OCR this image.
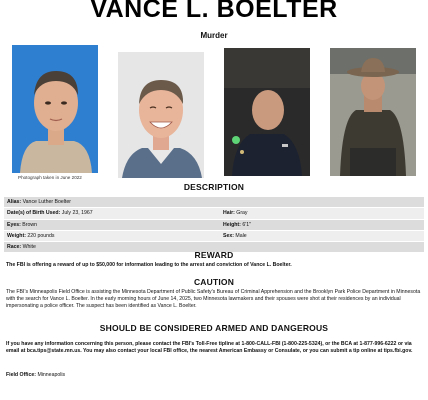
VANCE L. BOELTER
Murder
Photograph taken in June 2022
DESCRIPTION
Alias: Vance Luther Boelter	
Date(s) of Birth Used: July 23, 1967	Hair: Gray
Eyes: Brown	Height: 6'1"
Weight: 220 pounds	Sex: Male
Race: White	
REWARD
The FBI is offering a reward of up to $50,000 for information leading to the arrest and conviction of Vance L. Boelter.
CAUTION
The FBI's Minneapolis Field Office is assisting the Minnesota Department of Public Safety's Bureau of Criminal Apprehension and the Brooklyn Park Police Department in Minnesota with the search for Vance L. Boelter. In the early morning hours of June 14, 2025, two Minnesota lawmakers and their spouses were shot at their residences by an individual impersonating a police officer. The suspect has been identified as Vance L. Boelter.
SHOULD BE CONSIDERED ARMED AND DANGEROUS
If you have any information concerning this person, please contact the FBI's Toll-Free tipline at 1-800-CALL-FBI (1-800-225-5324), or the BCA at 1-877-996-6222 or via email at bca.tips@state.mn.us. You may also contact your local FBI office, the nearest American Embassy or Consulate, or you can submit a tip online at tips.fbi.gov.
Field Office: Minneapolis
